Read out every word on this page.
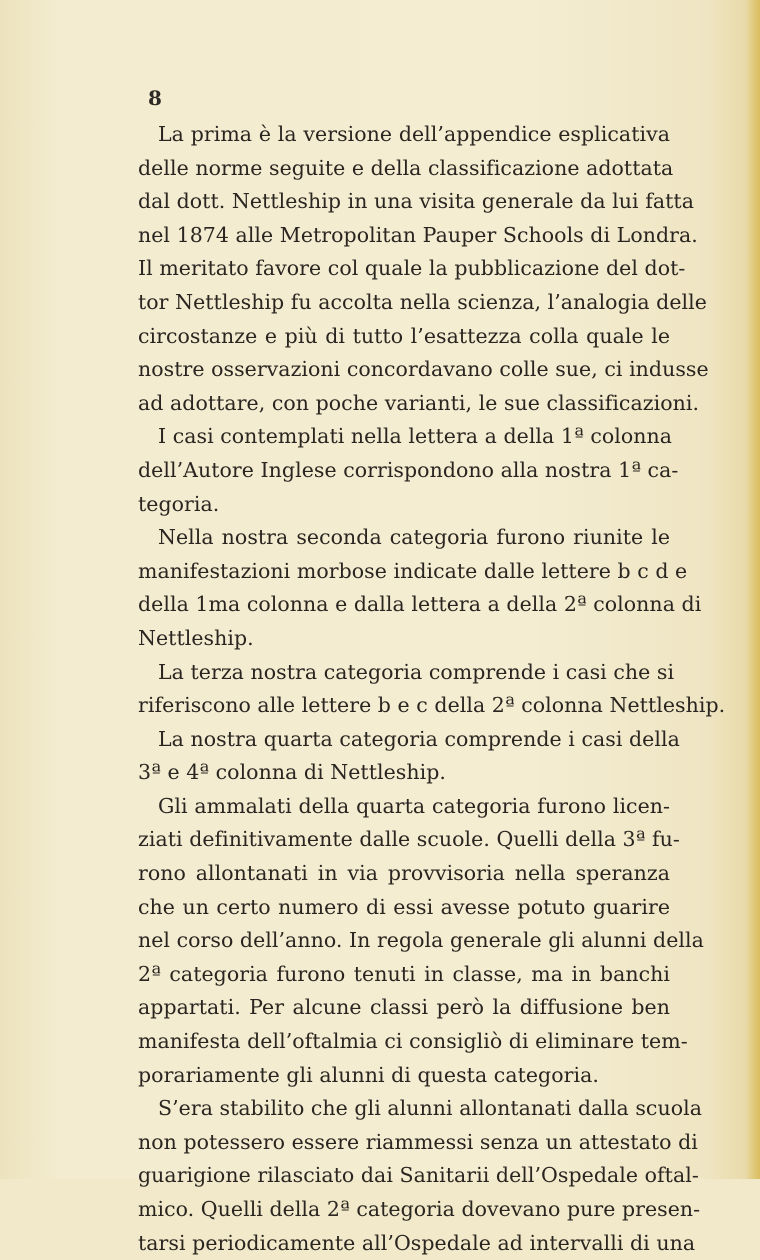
8
La prima è la versione dell’appendice esplicativa
delle norme seguite e della classificazione adottata
dal dott. Nettleship in una visita generale da lui fatta
nel 1874 alle Metropolitan Pauper Schools di Londra.
Il meritato favore col quale la pubblicazione del dot-
tor Nettleship fu accolta nella scienza, l’analogia delle
circostanze e più di tutto l’esattezza colla quale le
nostre osservazioni concordavano colle sue, ci indusse
ad adottare, con poche varianti, le sue classificazioni.
I casi contemplati nella lettera a della 1ª colonna
dell’Autore Inglese corrispondono alla nostra 1ª ca-
tegoria.
Nella nostra seconda categoria furono riunite le
manifestazioni morbose indicate dalle lettere b c d e
della 1ma colonna e dalla lettera a della 2ª colonna di
Nettleship.
La terza nostra categoria comprende i casi che si
riferiscono alle lettere b e c della 2ª colonna Nettleship.
La nostra quarta categoria comprende i casi della
3ª e 4ª colonna di Nettleship.
Gli ammalati della quarta categoria furono licen-
ziati definitivamente dalle scuole. Quelli della 3ª fu-
rono allontanati in via provvisoria nella speranza
che un certo numero di essi avesse potuto guarire
nel corso dell’anno. In regola generale gli alunni della
2ª categoria furono tenuti in classe, ma in banchi
appartati. Per alcune classi però la diffusione ben
manifesta dell’oftalmia ci consigliò di eliminare tem-
porariamente gli alunni di questa categoria.
S’era stabilito che gli alunni allontanati dalla scuola
non potessero essere riammessi senza un attestato di
guarigione rilasciato dai Sanitarii dell’Ospedale oftal-
mico. Quelli della 2ª categoria dovevano pure presen-
tarsi periodicamente all’Ospedale ad intervalli di una
